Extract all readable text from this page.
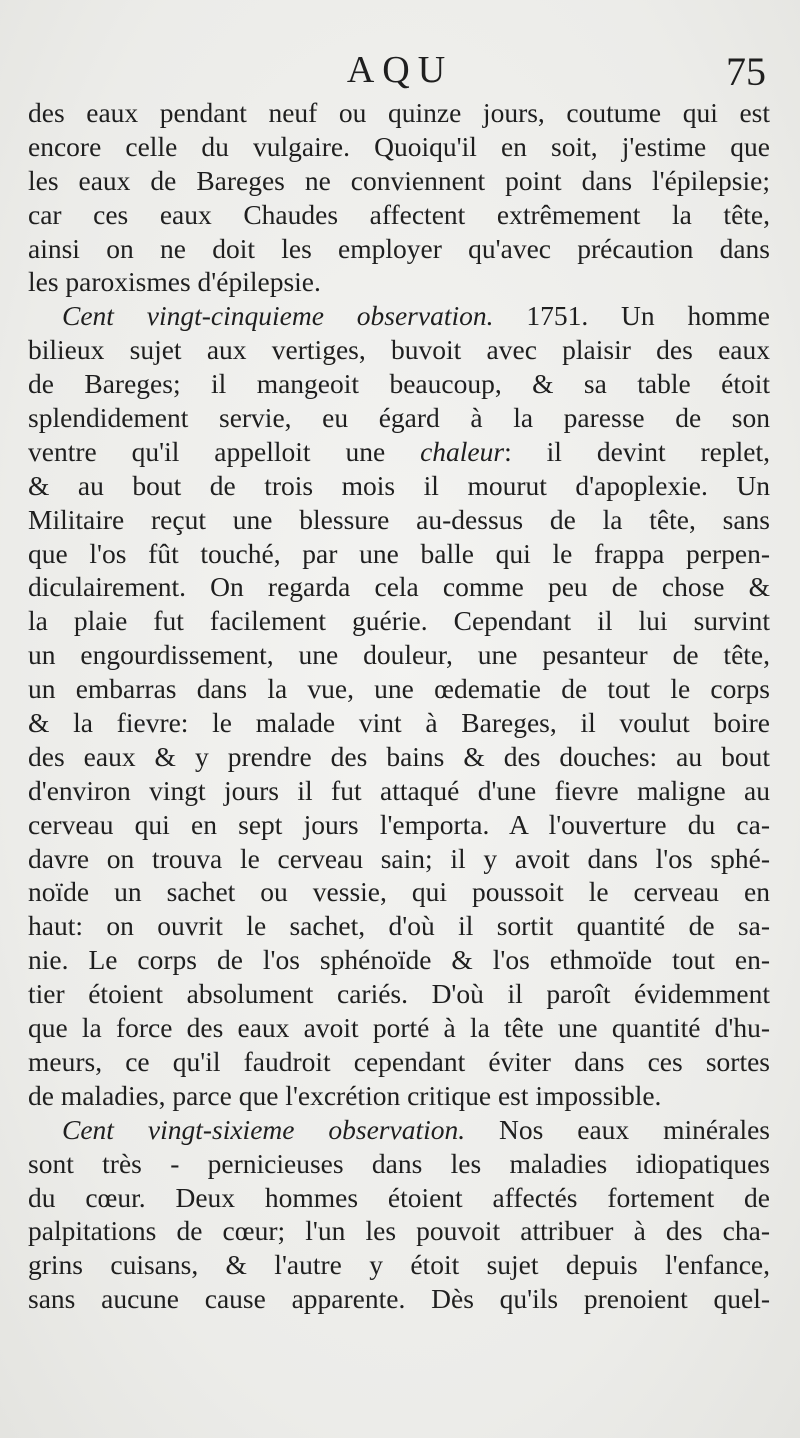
AQU	75
des eaux pendant neuf ou quinze jours, coutume qui est
encore celle du vulgaire. Quoiqu'il en soit, j'estime que
les eaux de Bareges ne conviennent point dans l'épilepsie;
car ces eaux Chaudes affectent extrêmement la tête,
ainsi on ne doit les employer qu'avec précaution dans
les paroxismes d'épilepsie.
Cent vingt-cinquieme observation. 1751. Un homme
bilieux sujet aux vertiges, buvoit avec plaisir des eaux
de Bareges; il mangeoit beaucoup, & sa table étoit
splendidement servie, eu égard à la paresse de son
ventre qu'il appelloit une chaleur: il devint replet,
& au bout de trois mois il mourut d'apoplexie. Un
Militaire reçut une blessure au-dessus de la tête, sans
que l'os fût touché, par une balle qui le frappa perpen-
diculairement. On regarda cela comme peu de chose &
la plaie fut facilement guérie. Cependant il lui survint
un engourdissement, une douleur, une pesanteur de tête,
un embarras dans la vue, une œdematie de tout le corps
& la fievre: le malade vint à Bareges, il voulut boire
des eaux & y prendre des bains & des douches: au bout
d'environ vingt jours il fut attaqué d'une fievre maligne au
cerveau qui en sept jours l'emporta. A l'ouverture du ca-
davre on trouva le cerveau sain; il y avoit dans l'os sphé-
noïde un sachet ou vessie, qui poussoit le cerveau en
haut: on ouvrit le sachet, d'où il sortit quantité de sa-
nie. Le corps de l'os sphénoïde & l'os ethmoïde tout en-
tier étoient absolument cariés. D'où il paroît évidemment
que la force des eaux avoit porté à la tête une quantité d'hu-
meurs, ce qu'il faudroit cependant éviter dans ces sortes
de maladies, parce que l'excrétion critique est impossible.
Cent vingt-sixieme observation. Nos eaux minérales
sont très - pernicieuses dans les maladies idiopatiques
du cœur. Deux hommes étoient affectés fortement de
palpitations de cœur; l'un les pouvoit attribuer à des cha-
grins cuisans, & l'autre y étoit sujet depuis l'enfance,
sans aucune cause apparente. Dès qu'ils prenoient quel-
